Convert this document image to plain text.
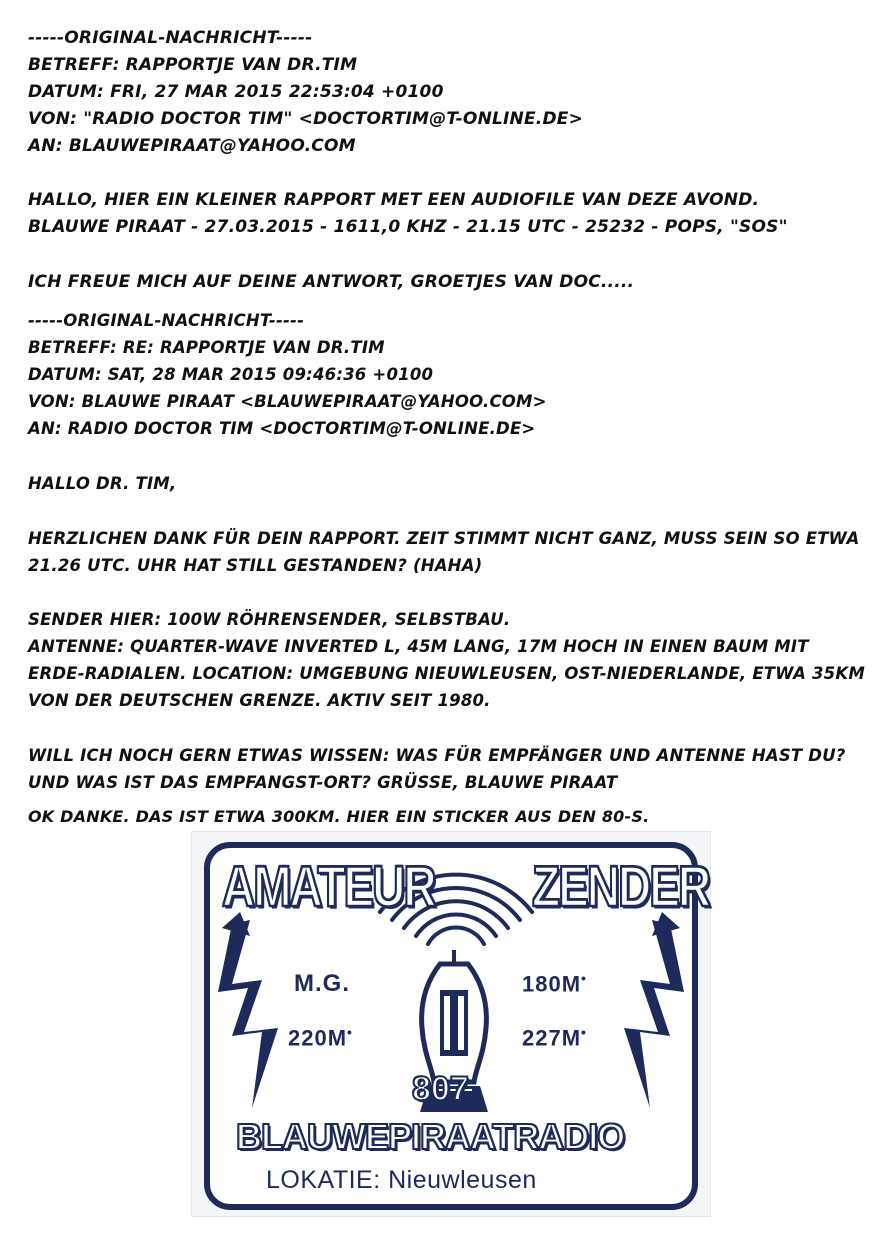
-----ORIGINAL-NACHRICHT-----
BETREFF: RAPPORTJE VAN DR.TIM
DATUM: FRI, 27 MAR 2015 22:53:04 +0100
VON: "RADIO DOCTOR TIM" <DOCTORTIM@T-ONLINE.DE>
AN: BLAUWEPIRAAT@YAHOO.COM
HALLO, HIER EIN KLEINER RAPPORT MET EEN AUDIOFILE VAN DEZE AVOND.
BLAUWE PIRAAT - 27.03.2015 - 1611,0 KHZ - 21.15 UTC - 25232 - POPS, "SOS"
ICH FREUE MICH AUF DEINE ANTWORT, GROETJES VAN DOC.....
-----ORIGINAL-NACHRICHT-----
BETREFF: RE: RAPPORTJE VAN DR.TIM
DATUM: SAT, 28 MAR 2015 09:46:36 +0100
VON: BLAUWE PIRAAT <BLAUWEPIRAAT@YAHOO.COM>
AN: RADIO DOCTOR TIM <DOCTORTIM@T-ONLINE.DE>
HALLO DR. TIM,
HERZLICHEN DANK FÜR DEIN RAPPORT. ZEIT STIMMT NICHT GANZ, MUSS SEIN SO ETWA
21.26 UTC. UHR HAT STILL GESTANDEN? (HAHA)
SENDER HIER: 100W RÖHRENSENDER, SELBSTBAU.
ANTENNE: QUARTER-WAVE INVERTED L, 45M LANG, 17M HOCH IN EINEN BAUM MIT
ERDE-RADIALEN. LOCATION: UMGEBUNG NIEUWLEUSEN, OST-NIEDERLANDE, ETWA 35KM
VON DER DEUTSCHEN GRENZE. AKTIV SEIT 1980.
WILL ICH NOCH GERN ETWAS WISSEN: WAS FÜR EMPFÄNGER UND ANTENNE HAST DU?
UND WAS IST DAS EMPFANGST-ORT? GRÜSSE, BLAUWE PIRAAT
OK DANKE. DAS IST ETWA 300KM. HIER EIN STICKER AUS DEN 80-S.
AMATEUR ZENDER
M.G.	180M•
220M•	227M•
807
BLAUWEPIRAATRADIO
LOKATIE: Nieuwleusen
